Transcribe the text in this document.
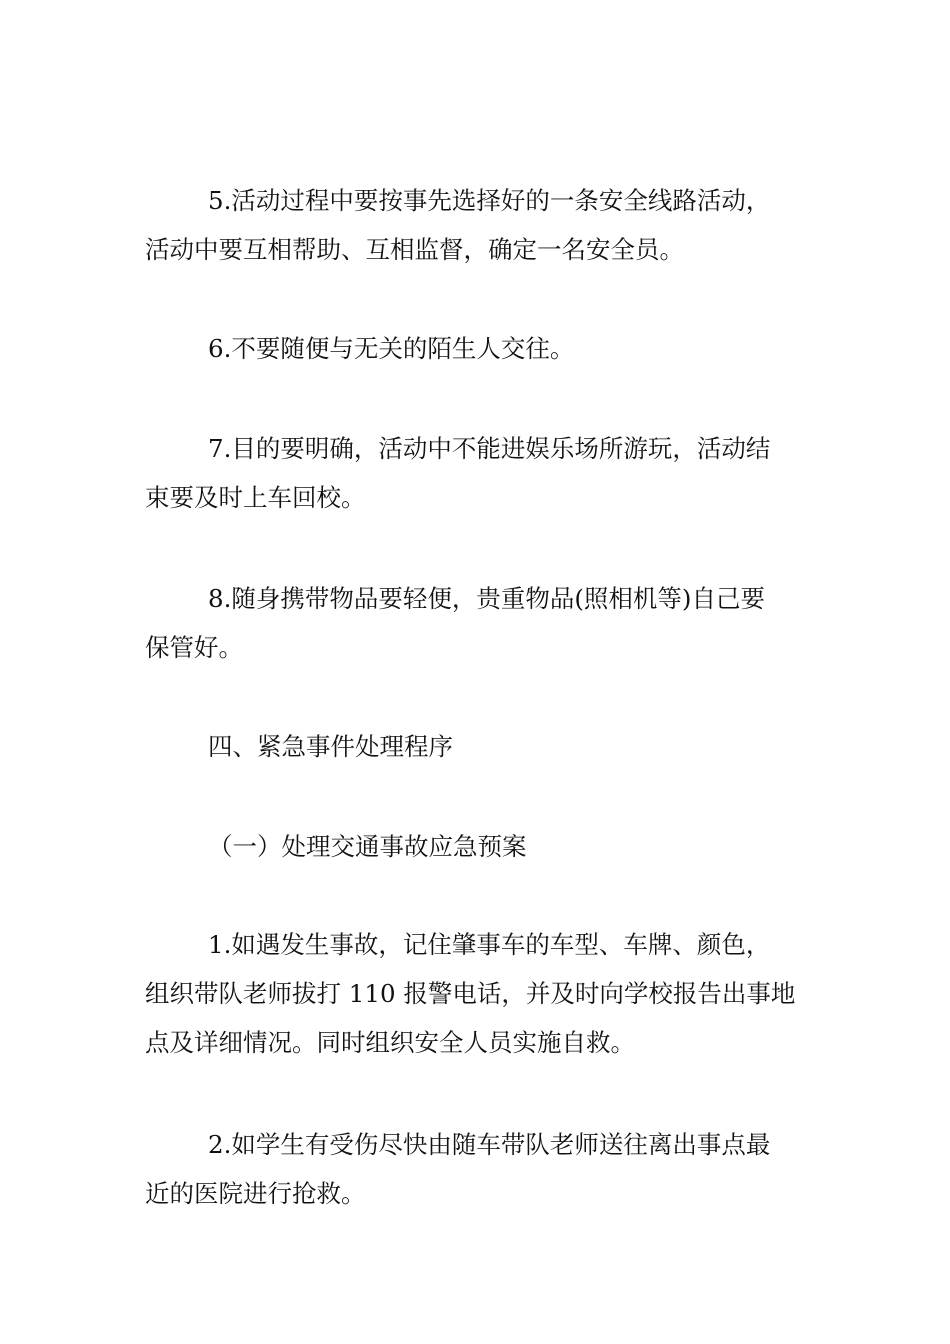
5.活动过程中要按事先选择好的一条安全线路活动，
活动中要互相帮助、互相监督，确定一名安全员。

6.不要随便与无关的陌生人交往。

7.目的要明确，活动中不能进娱乐场所游玩，活动结
束要及时上车回校。

8.随身携带物品要轻便，贵重物品(照相机等)自己要
保管好。

四、紧急事件处理程序

（一）处理交通事故应急预案

1.如遇发生事故，记住肇事车的车型、车牌、颜色，
组织带队老师拔打 110 报警电话，并及时向学校报告出事地
点及详细情况。同时组织安全人员实施自救。

2.如学生有受伤尽快由随车带队老师送往离出事点最
近的医院进行抢救。
